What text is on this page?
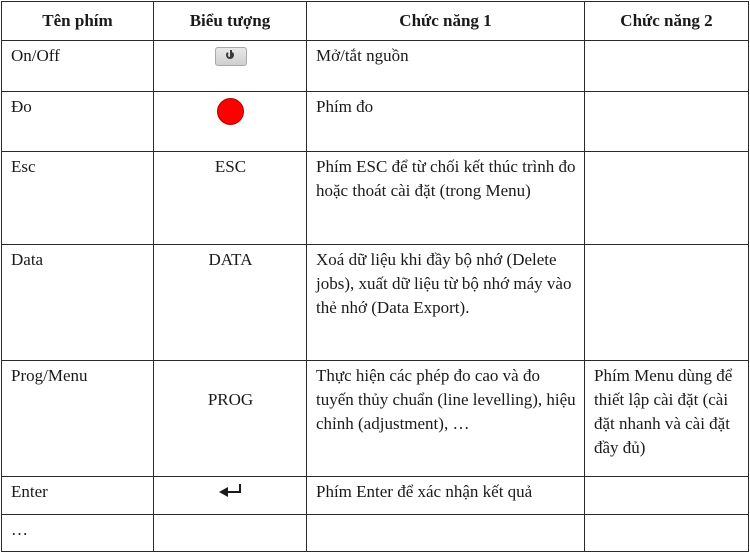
Tên phím	Biểu tượng	Chức năng 1	Chức năng 2
On/Off		Mở/tắt nguồn	
Đo		Phím đo	
Esc	ESC	Phím ESC để từ chối kết thúc trình đo hoặc thoát cài đặt (trong Menu)	
Data	DATA	Xoá dữ liệu khi đầy bộ nhớ (Delete jobs), xuất dữ liệu từ bộ nhớ máy vào thẻ nhớ (Data Export).	
Prog/Menu	PROG	Thực hiện các phép đo cao và đo tuyến thủy chuẩn (line levelling), hiệu chỉnh (adjustment), …	Phím Menu dùng để thiết lập cài đặt (cài đặt nhanh và cài đặt đầy đủ)
Enter		Phím Enter để xác nhận kết quả	
…			
